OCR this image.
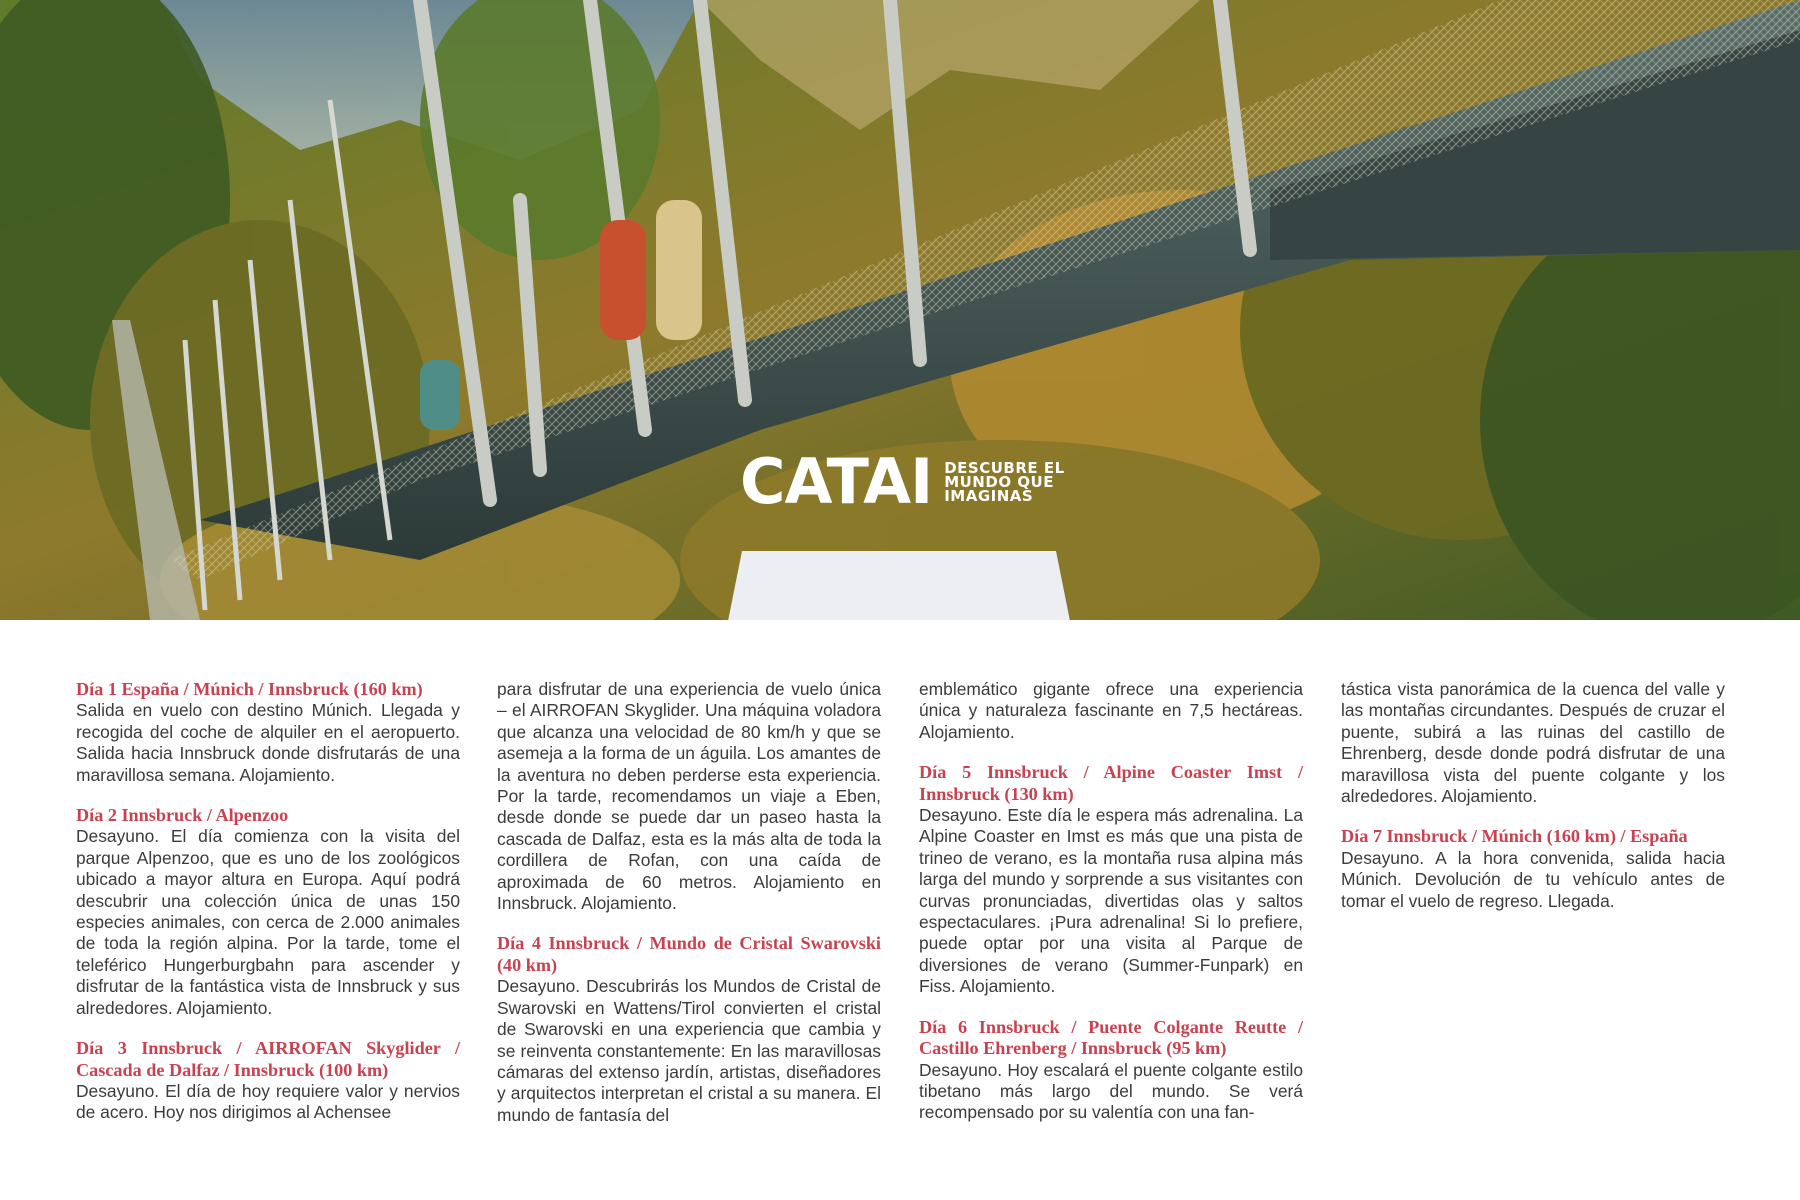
CATAI DESCUBRE EL
MUNDO QUE
IMAGINAS
Día 1 España / Múnich / Innsbruck (160 km)

Salida en vuelo con destino Múnich. Llegada y recogida del coche de alquiler en el aeropuerto. Salida hacia Innsbruck donde disfrutarás de una maravillosa semana. Alojamiento.

Día 2 Innsbruck / Alpenzoo

Desayuno. El día comienza con la visita del parque Alpenzoo, que es uno de los zoológicos ubicado a mayor altura en Europa. Aquí podrá descubrir una colección única de unas 150 especies animales, con cerca de 2.000 animales de toda la región alpina. Por la tarde, tome el teleférico Hungerburgbahn para ascender y disfrutar de la fantástica vista de Innsbruck y sus alrededores. Alojamiento.

Día 3 Innsbruck / AIRROFAN Skyglider / Cascada de Dalfaz / Innsbruck (100 km)

Desayuno. El día de hoy requiere valor y nervios de acero. Hoy nos dirigimos al Achensee

para disfrutar de una experiencia de vuelo única – el AIRROFAN Skyglider. Una máquina voladora que alcanza una velocidad de 80 km/h y que se asemeja a la forma de un águila. Los amantes de la aventura no deben perderse esta experiencia. Por la tarde, recomendamos un viaje a Eben, desde donde se puede dar un paseo hasta la cascada de Dalfaz, esta es la más alta de toda la cordillera de Rofan, con una caída de aproximada de 60 metros. Alojamiento en Innsbruck. Alojamiento.

Día 4 Innsbruck / Mundo de Cristal Swarovski (40 km)

Desayuno. Descubrirás los Mundos de Cristal de Swarovski en Wattens/Tirol convierten el cristal de Swarovski en una experiencia que cambia y se reinventa constantemente: En las maravillosas cámaras del extenso jardín, artistas, diseñadores y arquitectos interpretan el cristal a su manera. El mundo de fantasía del

emblemático gigante ofrece una experiencia única y naturaleza fascinante en 7,5 hectáreas. Alojamiento.

Día 5 Innsbruck / Alpine Coaster Imst / Innsbruck (130 km)

Desayuno. Este día le espera más adrenalina. La Alpine Coaster en Imst es más que una pista de trineo de verano, es la montaña rusa alpina más larga del mundo y sorprende a sus visitantes con curvas pronunciadas, divertidas olas y saltos espectaculares. ¡Pura adrenalina! Si lo prefiere, puede optar por una visita al Parque de diversiones de verano (Summer-Funpark) en Fiss. Alojamiento.

Día 6 Innsbruck / Puente Colgante Reutte / Castillo Ehrenberg / Innsbruck (95 km)

Desayuno. Hoy escalará el puente colgante estilo tibetano más largo del mundo. Se verá recompensado por su valentía con una fan-

tástica vista panorámica de la cuenca del valle y las montañas circundantes. Después de cruzar el puente, subirá a las ruinas del castillo de Ehrenberg, desde donde podrá disfrutar de una maravillosa vista del puente colgante y los alrededores. Alojamiento.

Día 7 Innsbruck / Múnich (160 km) / España

Desayuno. A la hora convenida, salida hacia Múnich. Devolución de tu vehículo antes de tomar el vuelo de regreso. Llegada.
